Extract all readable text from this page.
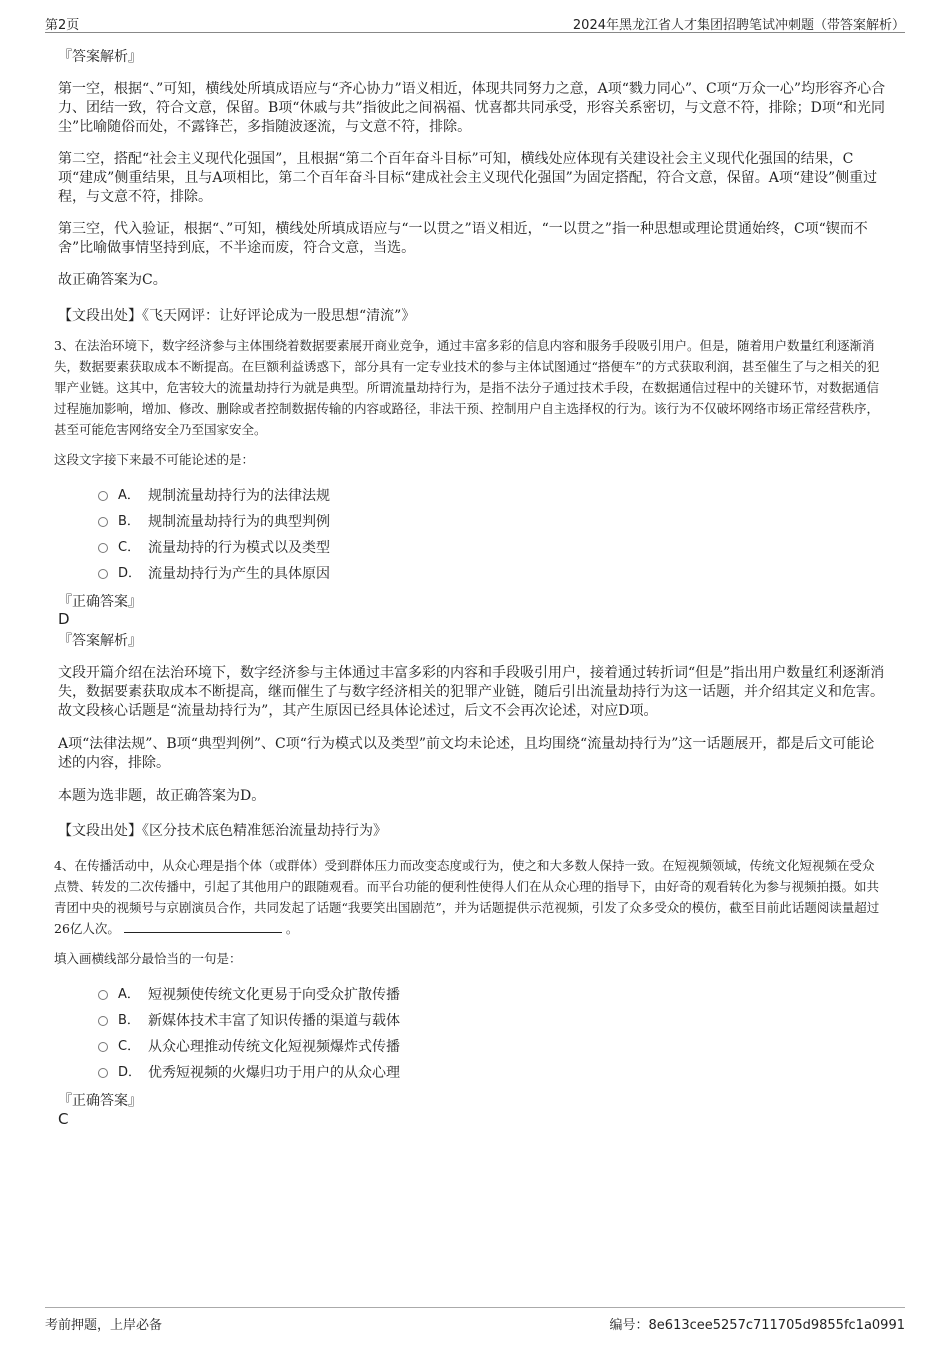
第2页	2024年黑龙江省人才集团招聘笔试冲刺题（带答案解析）
『答案解析』
第一空，根据“、”可知，横线处所填成语应与“齐心协力”语义相近，体现共同努力之意，A项“戮力同心”、C项“万众一心”均形容齐心合力、团结一致，符合文意，保留。B项“休戚与共”指彼此之间祸福、忧喜都共同承受，形容关系密切，与文意不符，排除；D项“和光同尘”比喻随俗而处，不露锋芒，多指随波逐流，与文意不符，排除。
第二空，搭配“社会主义现代化强国”，且根据“第二个百年奋斗目标”可知，横线处应体现有关建设社会主义现代化强国的结果，C项“建成”侧重结果，且与A项相比，第二个百年奋斗目标“建成社会主义现代化强国”为固定搭配，符合文意，保留。A项“建设”侧重过程，与文意不符，排除。
第三空，代入验证，根据“、”可知，横线处所填成语应与“一以贯之”语义相近，“一以贯之”指一种思想或理论贯通始终，C项“锲而不舍”比喻做事情坚持到底，不半途而废，符合文意，当选。
故正确答案为C。
【文段出处】《飞天网评：让好评论成为一股思想“清流”》
3、在法治环境下，数字经济参与主体围绕着数据要素展开商业竞争，通过丰富多彩的信息内容和服务手段吸引用户。但是，随着用户数量红利逐渐消失，数据要素获取成本不断提高。在巨额利益诱惑下，部分具有一定专业技术的参与主体试图通过“搭便车”的方式获取利润，甚至催生了与之相关的犯罪产业链。这其中，危害较大的流量劫持行为就是典型。所谓流量劫持行为，是指不法分子通过技术手段，在数据通信过程中的关键环节，对数据通信过程施加影响，增加、修改、删除或者控制数据传输的内容或路径，非法干预、控制用户自主选择权的行为。该行为不仅破坏网络市场正常经营秩序，甚至可能危害网络安全乃至国家安全。
这段文字接下来最不可能论述的是：
A． 规制流量劫持行为的法律法规
B． 规制流量劫持行为的典型判例
C． 流量劫持的行为模式以及类型
D． 流量劫持行为产生的具体原因
『正确答案』
D
『答案解析』
文段开篇介绍在法治环境下，数字经济参与主体通过丰富多彩的内容和手段吸引用户，接着通过转折词“但是”指出用户数量红利逐渐消失，数据要素获取成本不断提高，继而催生了与数字经济相关的犯罪产业链，随后引出流量劫持行为这一话题，并介绍其定义和危害。故文段核心话题是“流量劫持行为”，其产生原因已经具体论述过，后文不会再次论述，对应D项。
A项“法律法规”、B项“典型判例”、C项“行为模式以及类型”前文均未论述，且均围绕“流量劫持行为”这一话题展开，都是后文可能论述的内容，排除。
本题为选非题，故正确答案为D。
【文段出处】《区分技术底色精准惩治流量劫持行为》
4、在传播活动中，从众心理是指个体（或群体）受到群体压力而改变态度或行为，使之和大多数人保持一致。在短视频领域，传统文化短视频在受众点赞、转发的二次传播中，引起了其他用户的跟随观看。而平台功能的便利性使得人们在从众心理的指导下，由好奇的观看转化为参与视频拍摄。如共青团中央的视频号与京剧演员合作，共同发起了话题“我要笑出国剧范”，并为话题提供示范视频，引发了众多受众的模仿，截至目前此话题阅读量超过26亿人次。	。
填入画横线部分最恰当的一句是：
A． 短视频使传统文化更易于向受众扩散传播
B． 新媒体技术丰富了知识传播的渠道与载体
C． 从众心理推动传统文化短视频爆炸式传播
D． 优秀短视频的火爆归功于用户的从众心理
『正确答案』
C
考前押题，上岸必备	编号：8e613cee5257c711705d9855fc1a0991
